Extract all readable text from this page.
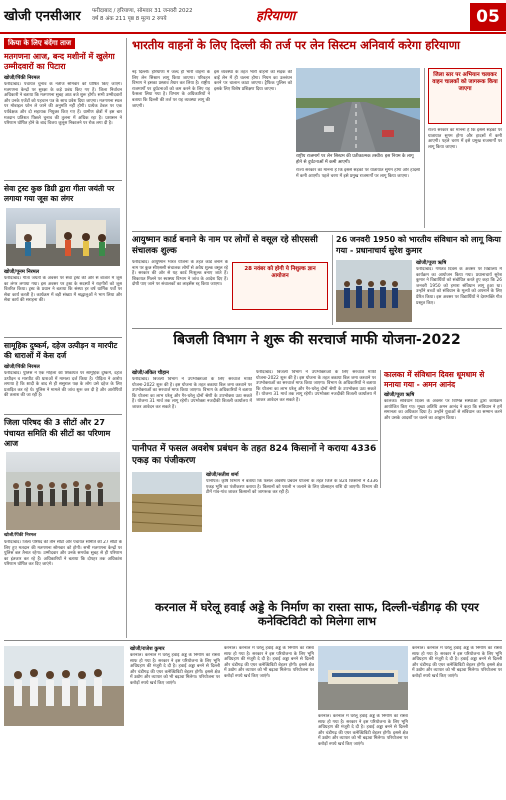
खोजी एनसीआर फरीदाबाद / हरियाणा, सोमवार 31 जनवरी 2022
वर्ष 8 अंक 211 पृष्ठ 8 मूल्य 2 रुपये	हरियाणा	05
किया के लिए बंदेंगा ताज
मतगणना आज, बन्द मशीनों में खुलेगा उम्मीदवारों का पिटारा
खोजी/पिंकी निरमल
फरीदाबाद। पंचायत चुनाव के नतीजे सोमवार को घोषित किए जाएंगे। मतगणना केन्द्रों पर सुरक्षा के कड़े प्रबंध किए गए हैं। जिला निर्वाचन अधिकारी ने बताया कि मतगणना सुबह आठ बजे शुरू होगी। सभी उम्मीदवारों और उनके एजेंटों को पहचान पत्र के साथ प्रवेश दिया जाएगा। मतगणना स्थल पर मोबाइल फोन ले जाने की अनुमति नहीं होगी। प्रत्येक टेबल पर एक पर्यवेक्षक और दो सहायक नियुक्त किए गए हैं। ग्रामीण क्षेत्रों में इस बार मतदान प्रतिशत पिछले चुनाव की तुलना में अधिक रहा है। प्रशासन ने परिणाम घोषित होने के बाद विजय जुलूस निकालने पर रोक लगा दी है।
सेवा ट्रस्ट कुछ डिग्री द्वारा गीता जयंती पर लगाया गया जूस का लंगर
खोजी/पूनम निरमल
फरीदाबाद। गीता जयंती के अवसर पर सेवा ट्रस्ट की ओर से बाजार में जूस का लंगर लगाया गया। इस अवसर पर ट्रस्ट के सदस्यों ने राहगीरों को जूस वितरित किया। ट्रस्ट के प्रधान ने बताया कि संस्था हर वर्ष धार्मिक पर्वों पर सेवा कार्य करती है। कार्यक्रम में बड़ी संख्या में श्रद्धालुओं ने भाग लिया और सेवा कार्य की सराहना की।
सामूहिक दुष्कर्म, दहेज उत्पीड़न व मारपीट की धाराओं में केस दर्ज
खोजी/पिंकी निरमल
फरीदाबाद। पुलिस ने एक महिला की शिकायत पर सामूहिक दुष्कर्म, दहेज उत्पीड़न व मारपीट की धाराओं में मामला दर्ज किया है। पीड़िता ने आरोप लगाया है कि शादी के बाद से ही ससुराल पक्ष के लोग उसे दहेज के लिए प्रताड़ित कर रहे थे। पुलिस ने मामले की जांच शुरू कर दी है और आरोपियों की तलाश की जा रही है।
जिला परिषद की 3 सीटों और 27 पंचायत समिति की सीटों का परिणाम आज
खोजी/पिंकी निरमल
फरीदाबाद। जिला परिषद की तीन सीटों और पंचायत समिति की 27 सीटों के लिए हुए मतदान की मतगणना सोमवार को होगी। सभी मतगणना केन्द्रों पर पुलिस बल तैनात रहेगा। उम्मीदवार और उनके समर्थक सुबह से ही परिणाम का इंतजार कर रहे हैं। अधिकारियों ने बताया कि दोपहर तक अधिकांश परिणाम घोषित कर दिए जाएंगे।
भारतीय वाहनों के लिए दिल्ली की तर्ज पर लेन सिस्टम अनिवार्य करेगा हरियाणा
नई दिल्ली। हरियाणा में जल्द ही भारी वाहनों के लिए लेन सिस्टम लागू किया जाएगा। परिवहन विभाग ने इसका प्रस्ताव तैयार कर लिया है। राष्ट्रीय राजमार्गों पर दुर्घटनाओं को कम करने के लिए यह फैसला लिया गया है। विभाग के अधिकारियों ने बताया कि दिल्ली की तर्ज पर यह व्यवस्था लागू की जाएगी।
इस व्यवस्था के तहत भारी वाहनों को सड़क की बाईं लेन में ही चलना होगा। नियम का उल्लंघन करने पर चालान काटा जाएगा। ट्रैफिक पुलिस को इसके लिए विशेष प्रशिक्षण दिया जाएगा।
राष्ट्रीय राजमार्ग पर लेन सिस्टम की प्रतीकात्मक तस्वीर। इस नियम के लागू होने से दुर्घटनाओं में कमी आएगी।
राज्य सरकार का मानना है कि इससे सड़कों पर यातायात सुगम होगा और हादसों में कमी आएगी। पहले चरण में इसे प्रमुख राजमार्गों पर लागू किया जाएगा।
जिला स्तर पर अभियान चलाकर वाहन चालकों को जागरूक किया जाएगा
राज्य सरकार का मानना है कि इससे सड़कों पर यातायात सुगम होगा और हादसों में कमी आएगी। पहले चरण में इसे प्रमुख राजमार्गों पर लागू किया जाएगा।
आयुष्मान कार्ड बनाने के नाम पर लोगों से वसूल रहे सीएससी संचालक शुल्क
फरीदाबाद। आयुष्मान भारत योजना के तहत कार्ड बनाने के नाम पर कुछ सीएससी संचालक लोगों से अवैध शुल्क वसूल रहे हैं। सरकार की ओर से यह कार्ड निःशुल्क बनाए जाते हैं। शिकायत मिलने पर स्वास्थ्य विभाग ने जांच के आदेश दिए हैं। दोषी पाए जाने पर संचालकों का लाइसेंस रद्द किया जाएगा।
28 नवंबर को होगी ये निशुल्क ज्ञान आयोजन
26 जनवरी 1950 को भारतीय संविधान को लागू किया गया - प्रधानाचार्य सुरेश कुमार
खोजी/पूजा ऋषि
फरीदाबाद। गणतंत्र दिवस के अवसर पर विद्यालय में कार्यक्रम का आयोजन किया गया। प्रधानाचार्य सुरेश कुमार ने विद्यार्थियों को संबोधित करते हुए कहा कि 26 जनवरी 1950 को हमारा संविधान लागू हुआ था। उन्होंने बच्चों को संविधान के मूल्यों को अपनाने के लिए प्रेरित किया। इस अवसर पर विद्यार्थियों ने देशभक्ति गीत प्रस्तुत किए।
बिजली विभाग ने शुरू की सरचार्ज माफी योजना-2022
खोजी/अंकित चौहान
फरीदाबाद। बिजली विभाग ने उपभोक्ताओं के लिए सरचार्ज माफी योजना-2022 शुरू की है। इस योजना के तहत बकाया बिल जमा करवाने पर उपभोक्ताओं का सरचार्ज माफ किया जाएगा। विभाग के अधिकारियों ने बताया कि योजना का लाभ घरेलू और गैर-घरेलू दोनों श्रेणी के उपभोक्ता उठा सकते हैं। योजना 31 मार्च तक लागू रहेगी। उपभोक्ता नजदीकी बिजली कार्यालय में जाकर आवेदन कर सकते हैं।
फरीदाबाद। बिजली विभाग ने उपभोक्ताओं के लिए सरचार्ज माफी योजना-2022 शुरू की है। इस योजना के तहत बकाया बिल जमा करवाने पर उपभोक्ताओं का सरचार्ज माफ किया जाएगा। विभाग के अधिकारियों ने बताया कि योजना का लाभ घरेलू और गैर-घरेलू दोनों श्रेणी के उपभोक्ता उठा सकते हैं। योजना 31 मार्च तक लागू रहेगी। उपभोक्ता नजदीकी बिजली कार्यालय में जाकर आवेदन कर सकते हैं।
कालका में संविधान दिवस धूमधाम से मनाया गया - अमन आनंद
खोजी/पूजा ऋषि
कालका। संविधान दिवस के अवसर पर विभिन्न संस्थाओं द्वारा कार्यक्रम आयोजित किए गए। मुख्य अतिथि अमन आनंद ने कहा कि संविधान ने हमें समानता का अधिकार दिया है। उन्होंने युवाओं से संविधान का सम्मान करने और उसके आदर्शों पर चलने का आह्वान किया।
पानीपत में फसल अवशेष प्रबंधन के तहत 824 किसानों ने कराया 4336 एकड़ का पंजीकरण
खोजी/सतीश शर्मा
पानीपत। कृषि विभाग ने बताया कि फसल अवशेष प्रबंधन योजना के तहत जिले के 824 किसानों ने 4336 एकड़ भूमि का पंजीकरण कराया है। किसानों को पराली न जलाने के लिए प्रोत्साहन राशि दी जाएगी। विभाग की टीमें गांव-गांव जाकर किसानों को जागरूक कर रही हैं।
करनाल में घरेलू हवाई अड्डे के निर्माण का रास्ता साफ, दिल्ली-चंडीगढ़ की एयर कनेक्टिविटी को मिलेगा लाभ
खोजी/राजेश कुमार
करनाल। करनाल में घरेलू हवाई अड्डे के निर्माण का रास्ता साफ हो गया है। सरकार ने इस परियोजना के लिए भूमि अधिग्रहण की मंजूरी दे दी है। हवाई अड्डा बनने से दिल्ली और चंडीगढ़ की एयर कनेक्टिविटी बेहतर होगी। इससे क्षेत्र में उद्योग और व्यापार को भी बढ़ावा मिलेगा। परियोजना पर करोड़ों रुपये खर्च किए जाएंगे।
करनाल। करनाल में घरेलू हवाई अड्डे के निर्माण का रास्ता साफ हो गया है। सरकार ने इस परियोजना के लिए भूमि अधिग्रहण की मंजूरी दे दी है। हवाई अड्डा बनने से दिल्ली और चंडीगढ़ की एयर कनेक्टिविटी बेहतर होगी। इससे क्षेत्र में उद्योग और व्यापार को भी बढ़ावा मिलेगा। परियोजना पर करोड़ों रुपये खर्च किए जाएंगे।
करनाल। करनाल में घरेलू हवाई अड्डे के निर्माण का रास्ता साफ हो गया है। सरकार ने इस परियोजना के लिए भूमि अधिग्रहण की मंजूरी दे दी है। हवाई अड्डा बनने से दिल्ली और चंडीगढ़ की एयर कनेक्टिविटी बेहतर होगी। इससे क्षेत्र में उद्योग और व्यापार को भी बढ़ावा मिलेगा। परियोजना पर करोड़ों रुपये खर्च किए जाएंगे।
करनाल। करनाल में घरेलू हवाई अड्डे के निर्माण का रास्ता साफ हो गया है। सरकार ने इस परियोजना के लिए भूमि अधिग्रहण की मंजूरी दे दी है। हवाई अड्डा बनने से दिल्ली और चंडीगढ़ की एयर कनेक्टिविटी बेहतर होगी। इससे क्षेत्र में उद्योग और व्यापार को भी बढ़ावा मिलेगा। परियोजना पर करोड़ों रुपये खर्च किए जाएंगे।
